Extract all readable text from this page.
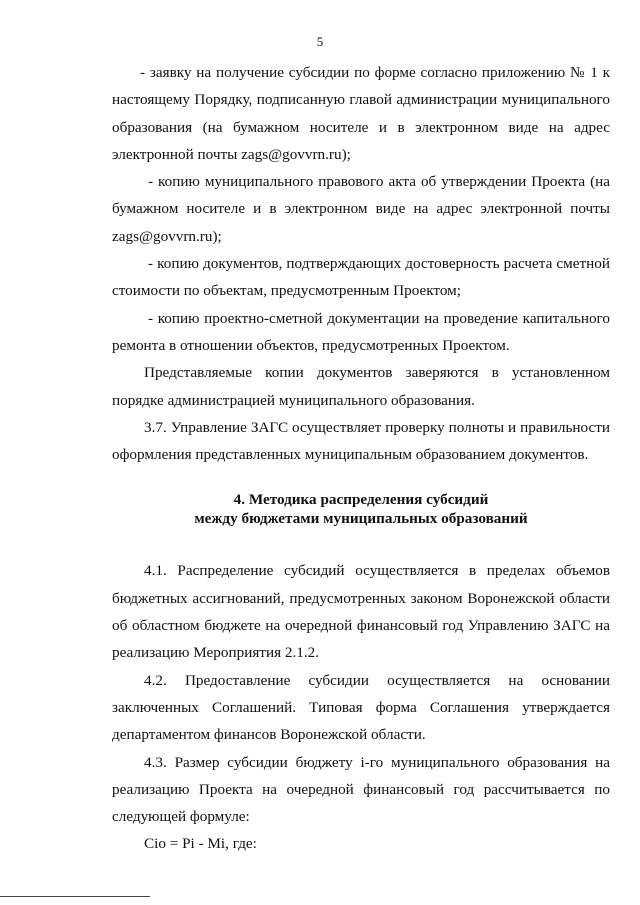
5

- заявку на получение субсидии по форме согласно приложению № 1 к настоящему Порядку, подписанную главой администрации муниципального образования (на бумажном носителе и в электронном виде на адрес электронной почты zags@govvrn.ru);

- копию муниципального правового акта об утверждении Проекта (на бумажном носителе и в электронном виде на адрес электронной почты zags@govvrn.ru);

- копию документов, подтверждающих достоверность расчета сметной стоимости по объектам, предусмотренным Проектом;

- копию проектно-сметной документации на проведение капитального ремонта в отношении объектов, предусмотренных Проектом.

Представляемые копии документов заверяются в установленном порядке администрацией муниципального образования.

3.7. Управление ЗАГС осуществляет проверку полноты и правильности оформления представленных муниципальным образованием документов.

4. Методика распределения субсидий
между бюджетами муниципальных образований

4.1. Распределение субсидий осуществляется в пределах объемов бюджетных ассигнований, предусмотренных законом Воронежской области об областном бюджете на очередной финансовый год Управлению ЗАГС на реализацию Мероприятия 2.1.2.

4.2. Предоставление субсидии осуществляется на основании заключенных Соглашений. Типовая форма Соглашения утверждается департаментом финансов Воронежской области.

4.3. Размер субсидии бюджету i-го муниципального образования на реализацию Проекта на очередной финансовый год рассчитывается по следующей формуле:

Сio = Рi - Мi, где:
